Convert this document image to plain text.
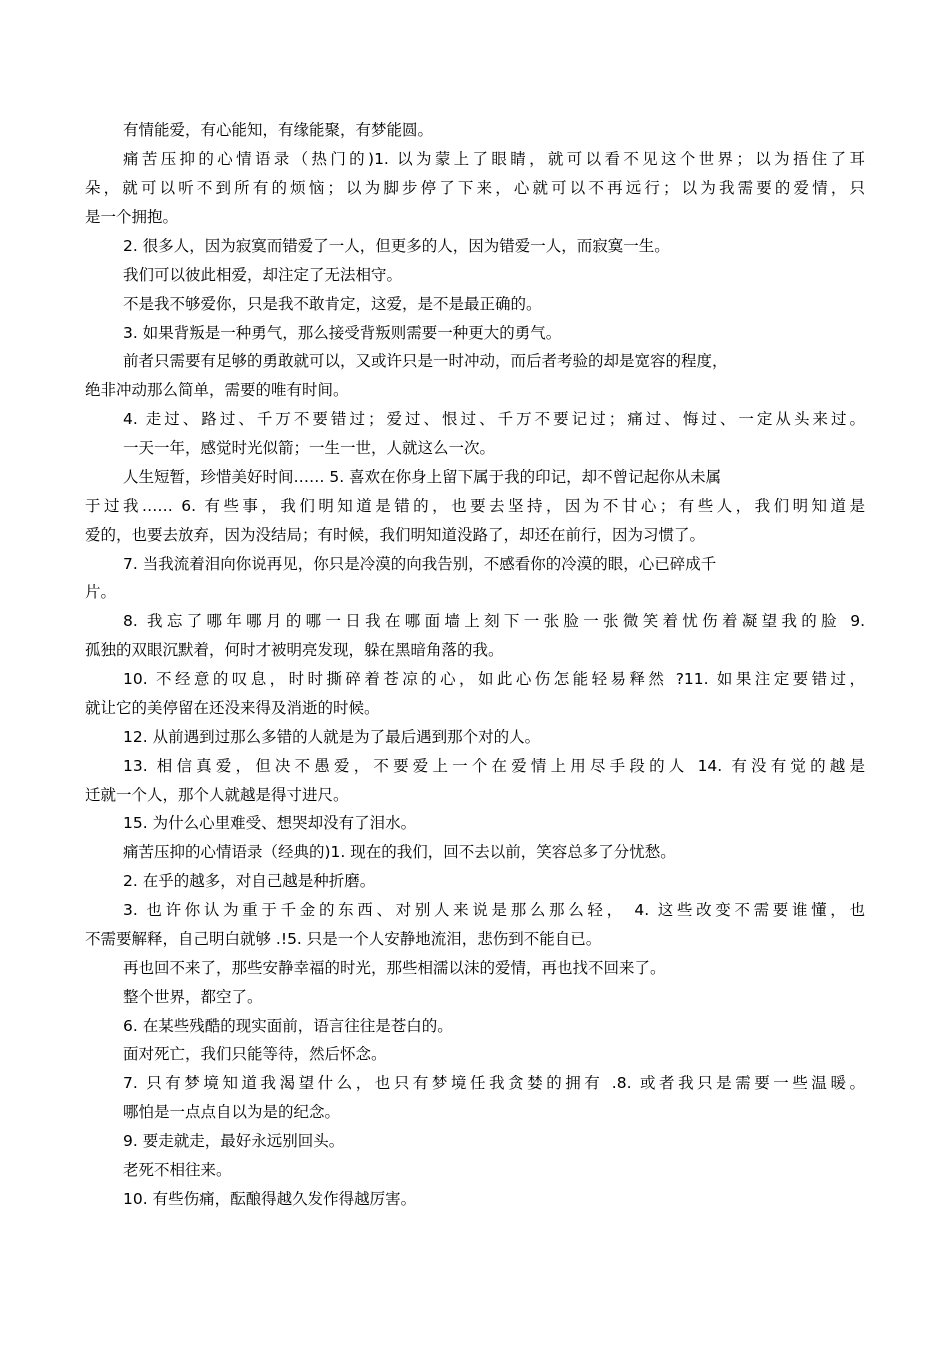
有情能爱，有心能知，有缘能聚，有梦能圆。
痛苦压抑的心情语录（热门的)1. 以为蒙上了眼睛，就可以看不见这个世界；以为捂住了耳
朵，就可以听不到所有的烦恼；以为脚步停了下来，心就可以不再远行；以为我需要的爱情，只
是一个拥抱。
2. 很多人，因为寂寞而错爱了一人，但更多的人，因为错爱一人，而寂寞一生。
我们可以彼此相爱，却注定了无法相守。
不是我不够爱你，只是我不敢肯定，这爱，是不是最正确的。
3. 如果背叛是一种勇气，那么接受背叛则需要一种更大的勇气。
前者只需要有足够的勇敢就可以，又或许只是一时冲动，而后者考验的却是宽容的程度，
绝非冲动那么简单，需要的唯有时间。
4. 走过、路过、千万不要错过；爱过、恨过、千万不要记过；痛过、悔过、一定从头来过。
一天一年，感觉时光似箭；一生一世，人就这么一次。
人生短暂，珍惜美好时间…… 5. 喜欢在你身上留下属于我的印记，却不曾记起你从未属
于过我…… 6. 有些事，我们明知道是错的，也要去坚持，因为不甘心；有些人，我们明知道是
爱的，也要去放弃，因为没结局；有时候，我们明知道没路了，却还在前行，因为习惯了。
7. 当我流着泪向你说再见，你只是冷漠的向我告别，不感看你的冷漠的眼，心已碎成千
片。
8. 我忘了哪年哪月的哪一日我在哪面墙上刻下一张脸一张微笑着忧伤着凝望我的脸 9.
孤独的双眼沉默着，何时才被明亮发现，躲在黑暗角落的我。
10. 不经意的叹息，时时撕碎着苍凉的心，如此心伤怎能轻易释然 ?11. 如果注定要错过，
就让它的美停留在还没来得及消逝的时候。
12. 从前遇到过那么多错的人就是为了最后遇到那个对的人。
13. 相信真爱，但决不愚爱，不要爱上一个在爱情上用尽手段的人 14. 有没有觉的越是
迁就一个人，那个人就越是得寸进尺。
15. 为什么心里难受、想哭却没有了泪水。
痛苦压抑的心情语录（经典的)1. 现在的我们，回不去以前，笑容总多了分忧愁。
2. 在乎的越多，对自己越是种折磨。
3. 也许你认为重于千金的东西、对别人来说是那么那么轻， 4. 这些改变不需要谁懂，也
不需要解释，自己明白就够 .!5. 只是一个人安静地流泪，悲伤到不能自已。
再也回不来了，那些安静幸福的时光，那些相濡以沫的爱情，再也找不回来了。
整个世界，都空了。
6. 在某些残酷的现实面前，语言往往是苍白的。
面对死亡，我们只能等待，然后怀念。
7. 只有梦境知道我渴望什么，也只有梦境任我贪婪的拥有 .8. 或者我只是需要一些温暖。
哪怕是一点点自以为是的纪念。
9. 要走就走，最好永远别回头。
老死不相往来。
10. 有些伤痛，酝酿得越久发作得越厉害。
